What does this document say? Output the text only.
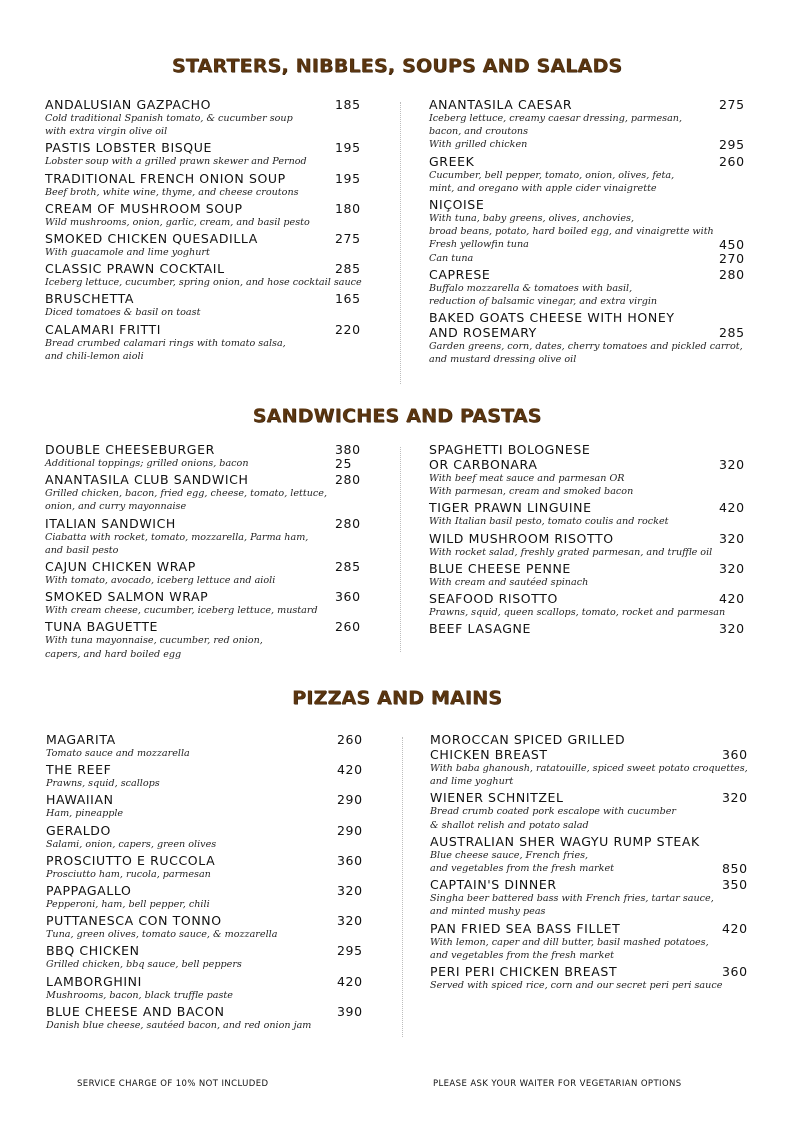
STARTERS, NIBBLES, SOUPS AND SALADS
ANDALUSIAN GAZPACHO	185
Cold traditional Spanish tomato, & cucumber soup
with extra virgin olive oil
PASTIS LOBSTER BISQUE	195
Lobster soup with a grilled prawn skewer and Pernod
TRADITIONAL FRENCH ONION SOUP	195
Beef broth, white wine, thyme, and cheese croutons
CREAM OF MUSHROOM SOUP	180
Wild mushrooms, onion, garlic, cream, and basil pesto
SMOKED CHICKEN QUESADILLA	275
With guacamole and lime yoghurt
CLASSIC PRAWN COCKTAIL	285
Iceberg lettuce, cucumber, spring onion, and hose cocktail sauce
BRUSCHETTA	165
Diced tomatoes & basil on toast
CALAMARI FRITTI	220
Bread crumbed calamari rings with tomato salsa,
and chili-lemon aioli
ANANTASILA CAESAR	275
Iceberg lettuce, creamy caesar dressing, parmesan,
bacon, and croutons
With grilled chicken	295
GREEK	260
Cucumber, bell pepper, tomato, onion, olives, feta,
mint, and oregano with apple cider vinaigrette
NIÇOISE
With tuna, baby greens, olives, anchovies,
broad beans, potato, hard boiled egg, and vinaigrette with
Fresh yellowfin tuna	450
Can tuna	270
CAPRESE	280
Buffalo mozzarella & tomatoes with basil,
reduction of balsamic vinegar, and extra virgin
BAKED GOATS CHEESE WITH HONEY
AND ROSEMARY	285
Garden greens, corn, dates, cherry tomatoes and pickled carrot,
and mustard dressing olive oil
SANDWICHES AND PASTAS
DOUBLE CHEESEBURGER	380
Additional toppings; grilled onions, bacon	25
ANANTASILA CLUB SANDWICH	280
Grilled chicken, bacon, fried egg, cheese, tomato, lettuce,
onion, and curry mayonnaise
ITALIAN SANDWICH	280
Ciabatta with rocket, tomato, mozzarella, Parma ham,
and basil pesto
CAJUN CHICKEN WRAP	285
With tomato, avocado, iceberg lettuce and aioli
SMOKED SALMON WRAP	360
With cream cheese, cucumber, iceberg lettuce, mustard
TUNA BAGUETTE	260
With tuna mayonnaise, cucumber, red onion,
capers, and hard boiled egg
SPAGHETTI BOLOGNESE
OR CARBONARA	320
With beef meat sauce and parmesan OR
With parmesan, cream and smoked bacon
TIGER PRAWN LINGUINE	420
With Italian basil pesto, tomato coulis and rocket
WILD MUSHROOM RISOTTO	320
With rocket salad, freshly grated parmesan, and truffle oil
BLUE CHEESE PENNE	320
With cream and sautéed spinach
SEAFOOD RISOTTO	420
Prawns, squid, queen scallops, tomato, rocket and parmesan
BEEF LASAGNE	320
PIZZAS AND MAINS
MAGARITA	260
Tomato sauce and mozzarella
THE REEF	420
Prawns, squid, scallops
HAWAIIAN	290
Ham, pineapple
GERALDO	290
Salami, onion, capers, green olives
PROSCIUTTO E RUCCOLA	360
Prosciutto ham, rucola, parmesan
PAPPAGALLO	320
Pepperoni, ham, bell pepper, chili
PUTTANESCA CON TONNO	320
Tuna, green olives, tomato sauce, & mozzarella
BBQ CHICKEN	295
Grilled chicken, bbq sauce, bell peppers
LAMBORGHINI	420
Mushrooms, bacon, black truffle paste
BLUE CHEESE AND BACON	390
Danish blue cheese, sautéed bacon, and red onion jam
MOROCCAN SPICED GRILLED
CHICKEN BREAST	360
With baba ghanoush, ratatouille, spiced sweet potato croquettes,
and lime yoghurt
WIENER SCHNITZEL	320
Bread crumb coated pork escalope with cucumber
& shallot relish and potato salad
AUSTRALIAN SHER WAGYU RUMP STEAK
Blue cheese sauce, French fries,
and vegetables from the fresh market	850
CAPTAIN'S DINNER	350
Singha beer battered bass with French fries, tartar sauce,
and minted mushy peas
PAN FRIED SEA BASS FILLET	420
With lemon, caper and dill butter, basil mashed potatoes,
and vegetables from the fresh market
PERI PERI CHICKEN BREAST	360
Served with spiced rice, corn and our secret peri peri sauce
SERVICE CHARGE OF 10% NOT INCLUDED	PLEASE ASK YOUR WAITER FOR VEGETARIAN OPTIONS
